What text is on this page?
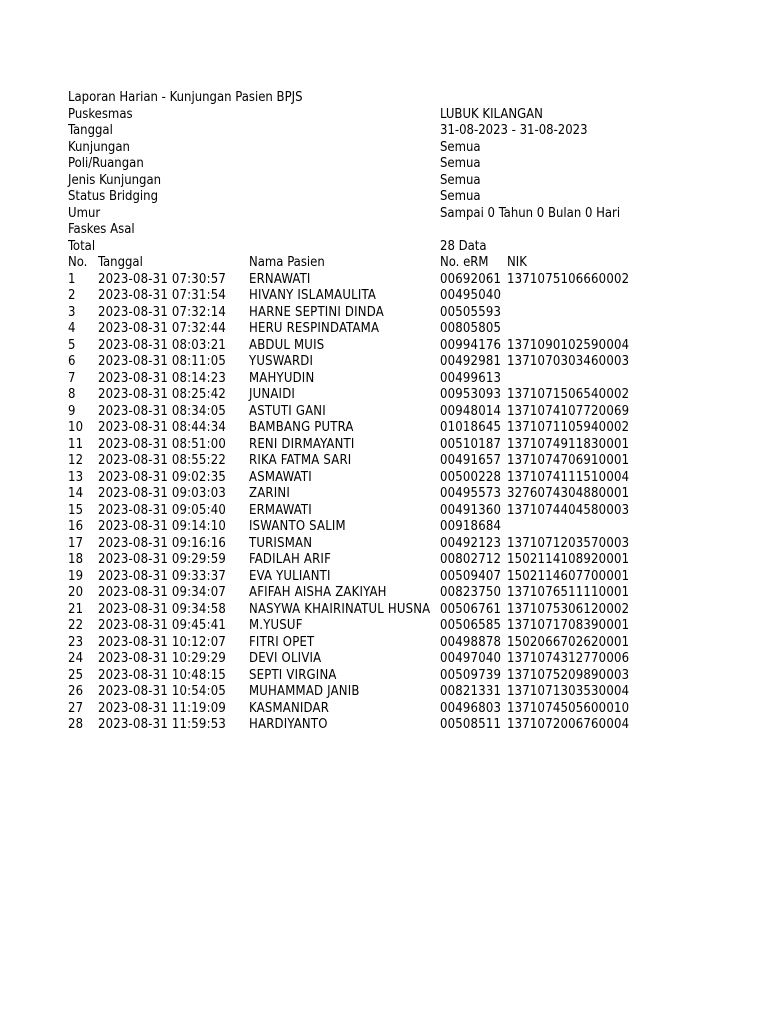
Laporan Harian - Kunjungan Pasien BPJS
Puskesmas	LUBUK KILANGAN
Tanggal	31-08-2023 - 31-08-2023
Kunjungan	Semua
Poli/Ruangan	Semua
Jenis Kunjungan	Semua
Status Bridging	Semua
Umur	Sampai 0 Tahun 0 Bulan 0 Hari
Faskes Asal
Total	28 Data
No. Tanggal	Nama Pasien	No. eRM NIK
1 2023-08-31 07:30:57 ERNAWATI	00692061 1371075106660002
2 2023-08-31 07:31:54 HIVANY ISLAMAULITA	00495040
3 2023-08-31 07:32:14 HARNE SEPTINI DINDA	00505593
4 2023-08-31 07:32:44 HERU RESPINDATAMA	00805805
5 2023-08-31 08:03:21 ABDUL MUIS	00994176 1371090102590004
6 2023-08-31 08:11:05 YUSWARDI	00492981 1371070303460003
7 2023-08-31 08:14:23 MAHYUDIN	00499613
8 2023-08-31 08:25:42 JUNAIDI	00953093 1371071506540002
9 2023-08-31 08:34:05 ASTUTI GANI	00948014 1371074107720069
10 2023-08-31 08:44:34 BAMBANG PUTRA	01018645 1371071105940002
11 2023-08-31 08:51:00 RENI DIRMAYANTI	00510187 1371074911830001
12 2023-08-31 08:55:22 RIKA FATMA SARI	00491657 1371074706910001
13 2023-08-31 09:02:35 ASMAWATI	00500228 1371074111510004
14 2023-08-31 09:03:03 ZARINI	00495573 3276074304880001
15 2023-08-31 09:05:40 ERMAWATI	00491360 1371074404580003
16 2023-08-31 09:14:10 ISWANTO SALIM	00918684
17 2023-08-31 09:16:16 TURISMAN	00492123 1371071203570003
18 2023-08-31 09:29:59 FADILAH ARIF	00802712 1502114108920001
19 2023-08-31 09:33:37 EVA YULIANTI	00509407 1502114607700001
20 2023-08-31 09:34:07 AFIFAH AISHA ZAKIYAH	00823750 1371076511110001
21 2023-08-31 09:34:58 NASYWA KHAIRINATUL HUSNA 00506761 1371075306120002
22 2023-08-31 09:45:41 M.YUSUF	00506585 1371071708390001
23 2023-08-31 10:12:07 FITRI OPET	00498878 1502066702620001
24 2023-08-31 10:29:29 DEVI OLIVIA	00497040 1371074312770006
25 2023-08-31 10:48:15 SEPTI VIRGINA	00509739 1371075209890003
26 2023-08-31 10:54:05 MUHAMMAD JANIB	00821331 1371071303530004
27 2023-08-31 11:19:09 KASMANIDAR	00496803 1371074505600010
28 2023-08-31 11:59:53 HARDIYANTO	00508511 1371072006760004
